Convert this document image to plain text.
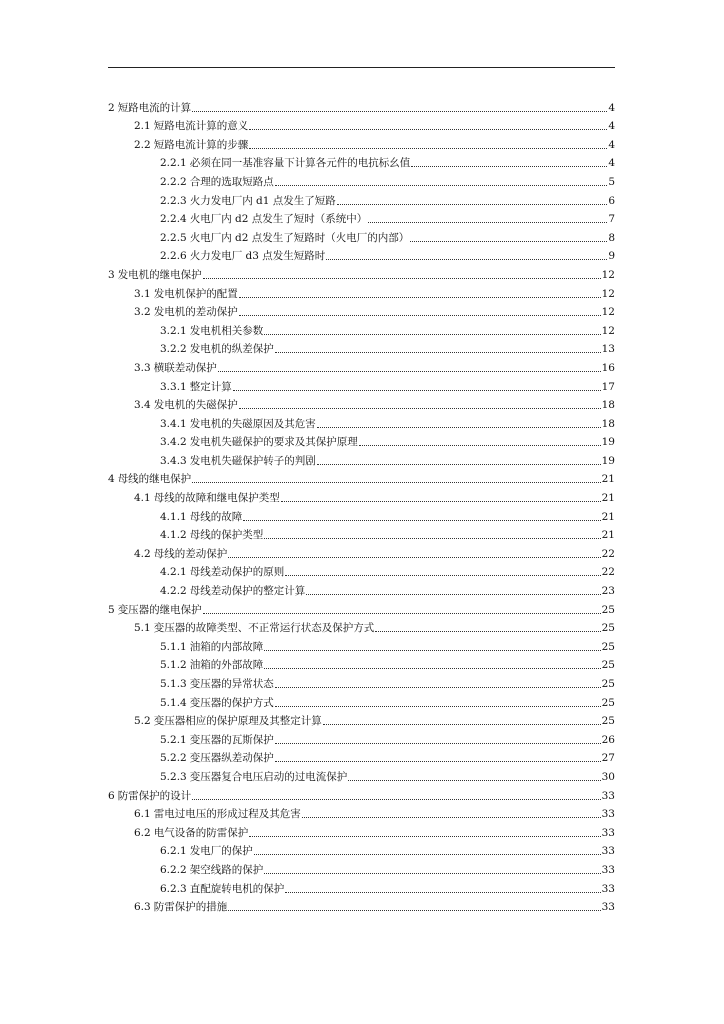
2 短路电流的计算	4
2.1 短路电流计算的意义	4
2.2 短路电流计算的步骤	4
2.2.1 必须在同一基准容量下计算各元件的电抗标幺值	4
2.2.2 合理的选取短路点	5
2.2.3 火力发电厂内 d1 点发生了短路	6
2.2.4 火电厂内 d2 点发生了短时（系统中）	7
2.2.5 火电厂内 d2 点发生了短路时（火电厂的内部）	8
2.2.6 火力发电厂 d3 点发生短路时	9
3 发电机的继电保护	12
3.1 发电机保护的配置	12
3.2 发电机的差动保护	12
3.2.1 发电机相关参数	12
3.2.2 发电机的纵差保护	13
3.3 横联差动保护	16
3.3.1 整定计算	17
3.4 发电机的失磁保护	18
3.4.1 发电机的失磁原因及其危害	18
3.4.2 发电机失磁保护的要求及其保护原理	19
3.4.3 发电机失磁保护转子的判剧	19
4 母线的继电保护	21
4.1 母线的故障和继电保护类型	21
4.1.1 母线的故障	21
4.1.2 母线的保护类型	21
4.2 母线的差动保护	22
4.2.1 母线差动保护的原则	22
4.2.2 母线差动保护的整定计算	23
5 变压器的继电保护	25
5.1 变压器的故障类型、不正常运行状态及保护方式	25
5.1.1 油箱的内部故障	25
5.1.2 油箱的外部故障	25
5.1.3 变压器的异常状态	25
5.1.4 变压器的保护方式	25
5.2 变压器相应的保护原理及其整定计算	25
5.2.1 变压器的瓦斯保护	26
5.2.2 变压器纵差动保护	27
5.2.3 变压器复合电压启动的过电流保护	30
6 防雷保护的设计	33
6.1 雷电过电压的形成过程及其危害	33
6.2 电气设备的防雷保护	33
6.2.1 发电厂的保护	33
6.2.2 架空线路的保护	33
6.2.3 直配旋转电机的保护	33
6.3 防雷保护的措施	33
